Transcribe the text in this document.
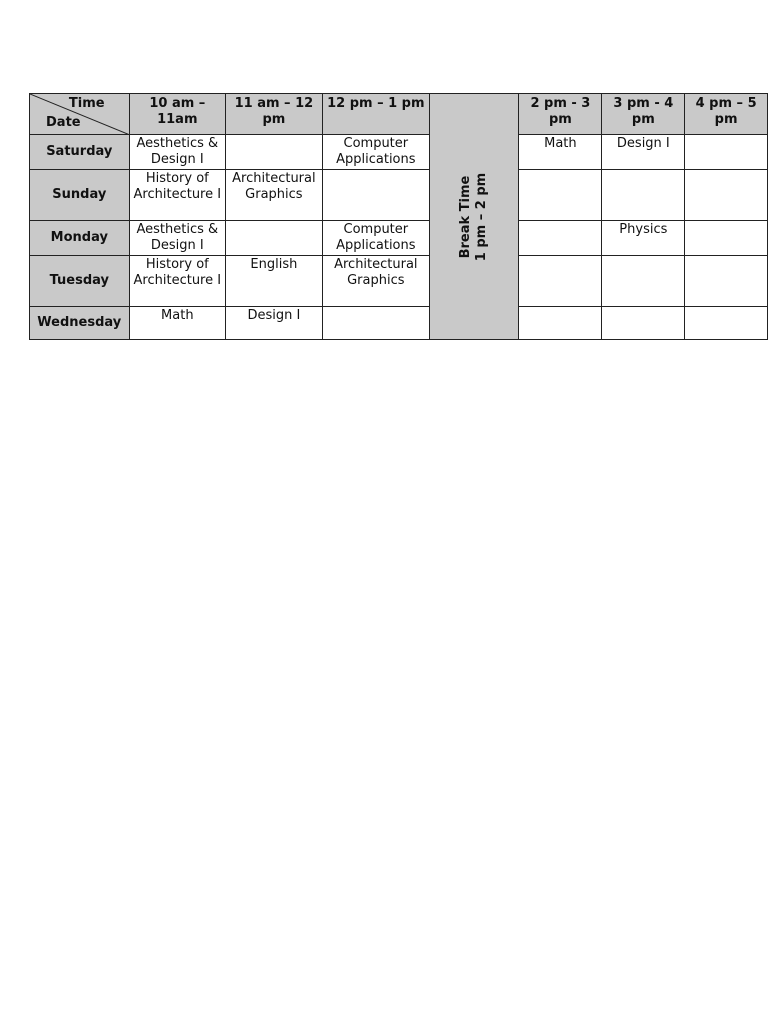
Time
Date	10 am – 11am	11 am – 12 pm	12 pm – 1 pm	Break Time 1 pm – 2 pm	2 pm - 3 pm	3 pm - 4 pm	4 pm – 5 pm
Saturday	Aesthetics & Design I		Computer Applications		Math	Design I	
Sunday	History of Architecture I	Architectural Graphics					
Monday	Aesthetics & Design I		Computer Applications			Physics	
Tuesday	History of Architecture I	English	Architectural Graphics				
Wednesday	Math	Design I					
